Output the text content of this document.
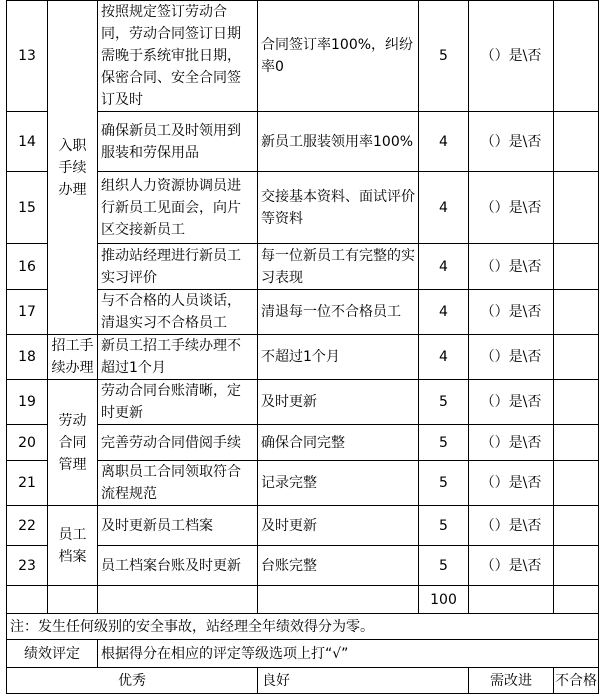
13	入职手续办理	按照规定签订劳动合同，劳动合同签订日期需晚于系统审批日期，保密合同、安全合同签订及时	合同签订率100%，纠纷率0	5	（）是\否	
14		确保新员工及时领用到服装和劳保用品	新员工服装领用率100%	4	（）是\否	
15		组织人力资源协调员进行新员工见面会，向片区交接新员工	交接基本资料、面试评价等资料	4	（）是\否	
16		推动站经理进行新员工实习评价	每一位新员工有完整的实习表现	4	（）是\否	
17		与不合格的人员谈话，清退实习不合格员工	清退每一位不合格员工	4	（）是\否	
18	招工手续办理	新员工招工手续办理不超过1个月	不超过1个月	4	（）是\否	
19	劳动合同管理	劳动合同台账清晰，定时更新	及时更新	5	（）是\否	
20		完善劳动合同借阅手续	确保合同完整	5	（）是\否	
21		离职员工合同领取符合流程规范	记录完整	5	（）是\否	
22	员工档案	及时更新员工档案	及时更新	5	（）是\否	
23		员工档案台账及时更新	台账完整	5	（）是\否	
				100		
注：发生任何级别的安全事故，站经理全年绩效得分为零。						
绩效评定		根据得分在相应的评定等级选项上打“√”				
优秀			良好		需改进	不合格
